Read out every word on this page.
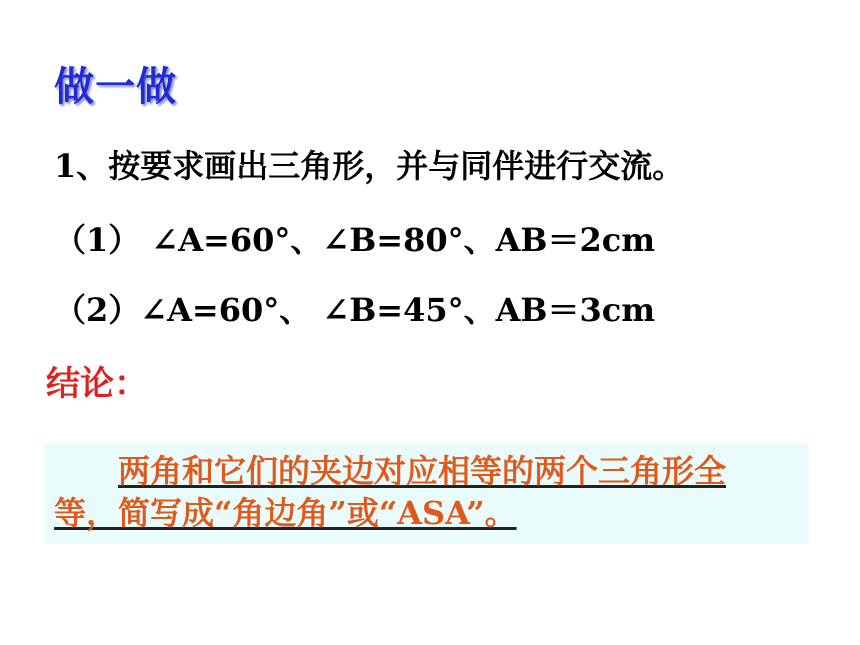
做一做
1、按要求画出三角形，并与同伴进行交流。
（1） ∠A=60°、∠B=80°、AB＝2cm
（2）∠A=60°、 ∠B=45°、AB＝3cm
结论：
两角和它们的夹边对应相等的两个三角形全等，简写成“角边角”或“ASA”。
